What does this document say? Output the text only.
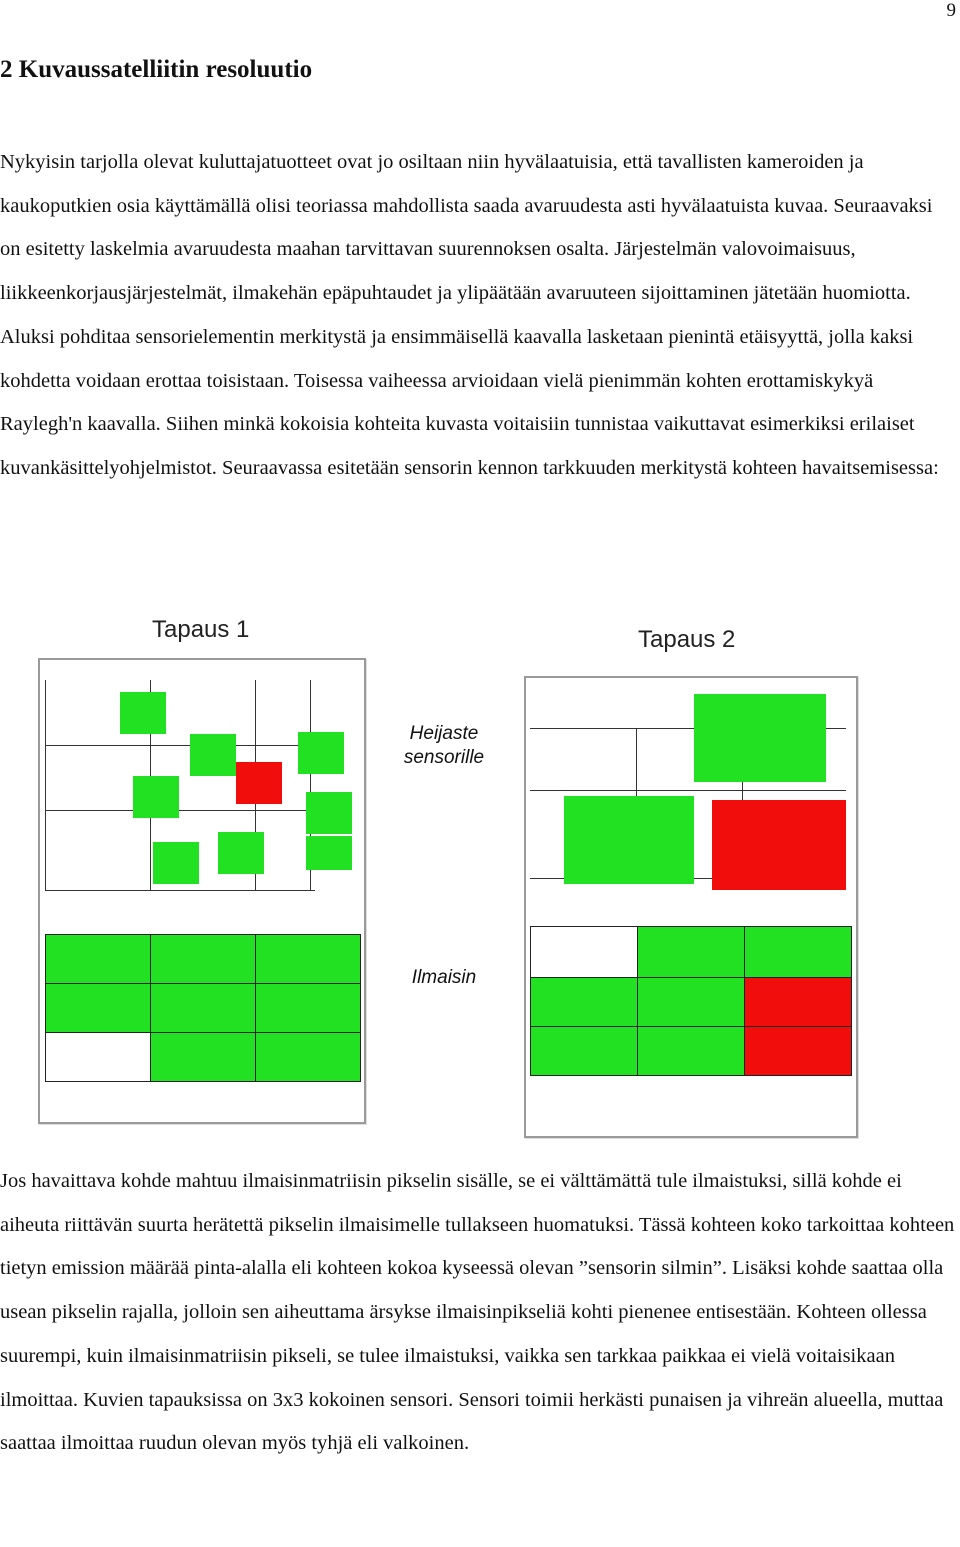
9
2 Kuvaussatelliitin resoluutio

Nykyisin tarjolla olevat kuluttajatuotteet ovat jo osiltaan niin hyvälaatuisia, että tavallisten kameroiden ja kaukoputkien osia käyttämällä olisi teoriassa mahdollista saada avaruudesta asti hyvälaatuista kuvaa. Seuraavaksi on esitetty laskelmia avaruudesta maahan tarvittavan suurennoksen osalta. Järjestelmän valovoimaisuus, liikkeenkorjausjärjestelmät, ilmakehän epäpuhtaudet ja ylipäätään avaruuteen sijoittaminen jätetään huomiotta. Aluksi pohditaa sensorielementin merkitystä ja ensimmäisellä kaavalla lasketaan pienintä etäisyyttä, jolla kaksi kohdetta voidaan erottaa toisistaan. Toisessa vaiheessa arvioidaan vielä pienimmän kohten erottamiskykyä Raylegh'n kaavalla. Siihen minkä kokoisia kohteita kuvasta voitaisiin tunnistaa vaikuttavat esimerkiksi erilaiset kuvankäsittelyohjelmistot. Seuraavassa esitetään sensorin kennon tarkkuuden merkitystä kohteen havaitsemisessa:

Tapaus 1
Heijaste
sensorille
Ilmaisin
Tapaus 2

Jos havaittava kohde mahtuu ilmaisinmatriisin pikselin sisälle, se ei välttämättä tule ilmaistuksi, sillä kohde ei aiheuta riittävän suurta herätettä pikselin ilmaisimelle tullakseen huomatuksi. Tässä kohteen koko tarkoittaa kohteen tietyn emission määrää pinta-alalla eli kohteen kokoa kyseessä olevan ”sensorin silmin”. Lisäksi kohde saattaa olla usean pikselin rajalla, jolloin sen aiheuttama ärsykse ilmaisinpikseliä kohti pienenee entisestään. Kohteen ollessa suurempi, kuin ilmaisinmatriisin pikseli, se tulee ilmaistuksi, vaikka sen tarkkaa paikkaa ei vielä voitaisikaan ilmoittaa. Kuvien tapauksissa on 3x3 kokoinen sensori. Sensori toimii herkästi punaisen ja vihreän alueella, muttaa saattaa ilmoittaa ruudun olevan myös tyhjä eli valkoinen.
